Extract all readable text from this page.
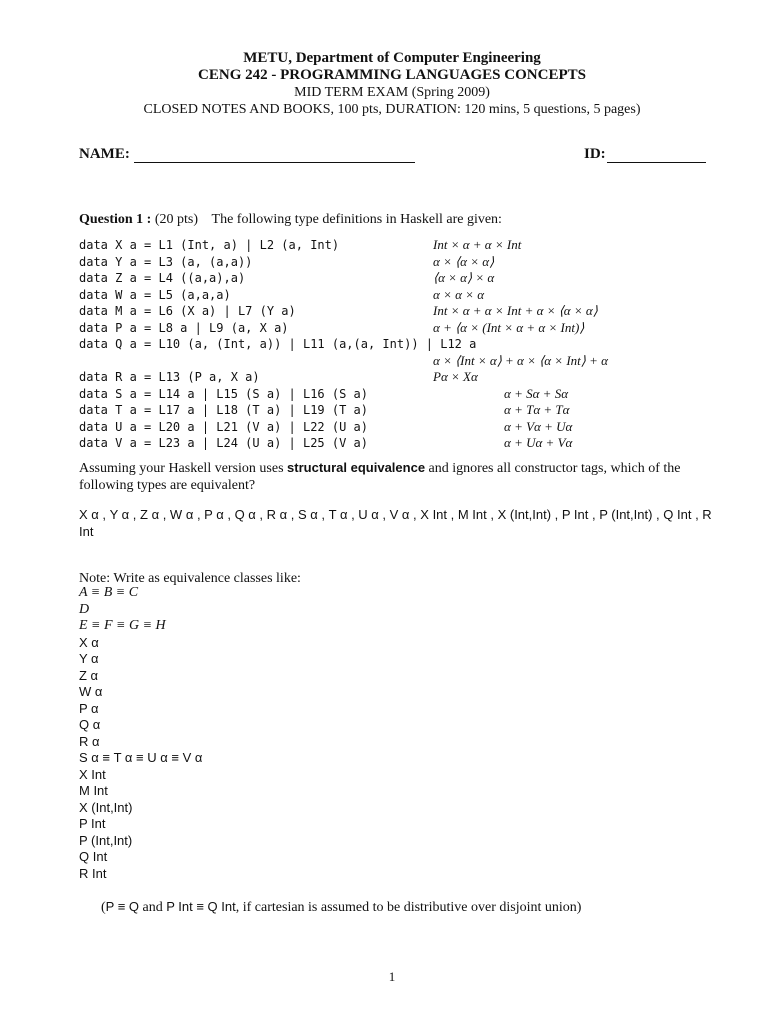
METU, Department of Computer Engineering
CENG 242 - PROGRAMMING LANGUAGES CONCEPTS
MID TERM EXAM (Spring 2009)
CLOSED NOTES AND BOOKS, 100 pts, DURATION: 120 mins, 5 questions, 5 pages)
NAME:	ID:
Question 1 : (20 pts) The following type definitions in Haskell are given:
data X a = L1 (Int, a) | L2 (a, Int)	Int × α + α × Int
data Y a = L3 (a, (a,a))	α × ⟨α × α⟩
data Z a = L4 ((a,a),a)	⟨α × α⟩ × α
data W a = L5 (a,a,a)	α × α × α
data M a = L6 (X a) | L7 (Y a)	Int × α + α × Int + α × ⟨α × α⟩
data P a = L8 a | L9 (a, X a)	α + ⟨α × (Int × α + α × Int)⟩
data Q a = L10 (a, (Int, a)) | L11 (a,(a, Int)) | L12 a
α × ⟨Int × α⟩ + α × ⟨α × Int⟩ + α
data R a = L13 (P a, X a)	Pα × Xα
data S a = L14 a | L15 (S a) | L16 (S a)	α + Sα + Sα
data T a = L17 a | L18 (T a) | L19 (T a)	α + Tα + Tα
data U a = L20 a | L21 (V a) | L22 (U a)	α + Vα + Uα
data V a = L23 a | L24 (U a) | L25 (V a)	α + Uα + Vα
Assuming your Haskell version uses structural equivalence and ignores all constructor tags, which of the following types are equivalent?
X α , Y α , Z α , W α , P α , Q α , R α , S α , T α , U α , V α , X Int , M Int , X (Int,Int) , P Int , P (Int,Int) , Q Int , R Int
Note: Write as equivalence classes like:
A ≡ B ≡ C
D
E ≡ F ≡ G ≡ H
X α
Y α
Z α
W α
P α
Q α
R α
S α ≡ T α ≡ U α ≡ V α
X Int
M Int
X (Int,Int)
P Int
P (Int,Int)
Q Int
R Int
(P ≡ Q and P Int ≡ Q Int, if cartesian is assumed to be distributive over disjoint union)
1
